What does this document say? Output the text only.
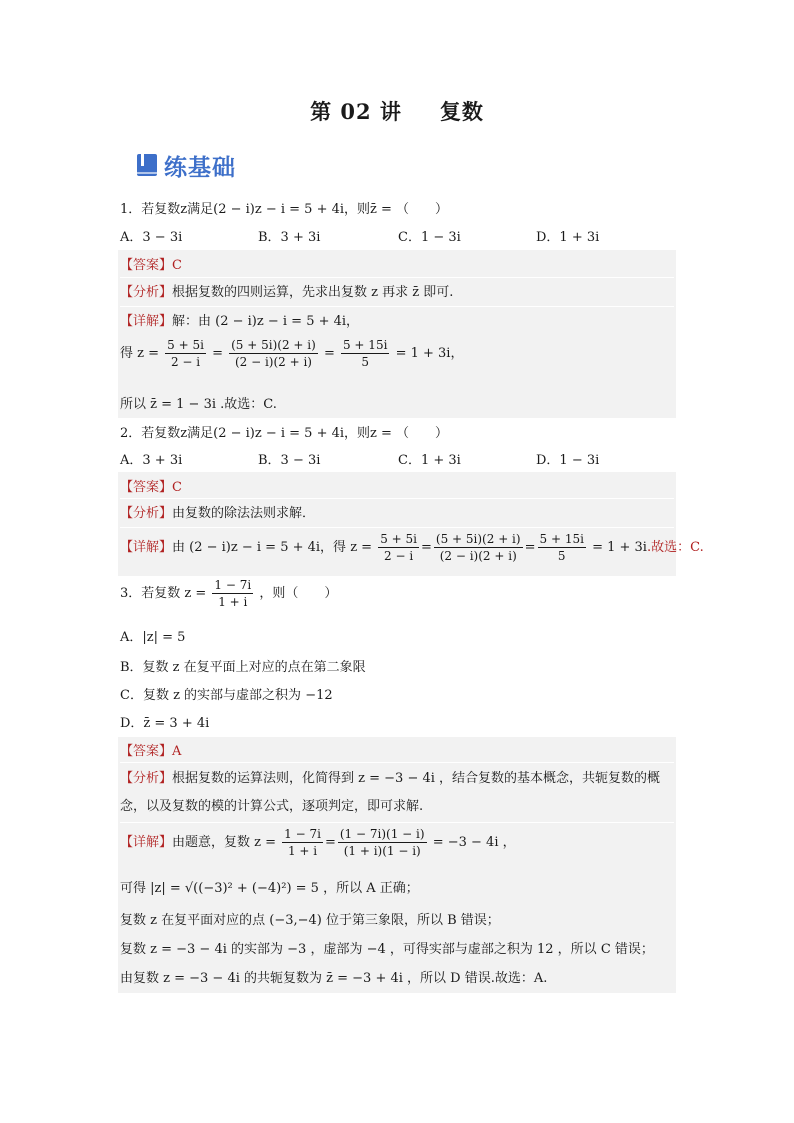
第 02 讲 复数
练基础
1．若复数z满足(2 − i)z − i = 5 + 4i，则z̄ = （　　）
A．3 − 3i	B．3 + 3i	C．1 − 3i	D．1 + 3i
【答案】C
【分析】根据复数的四则运算，先求出复数 z 再求 z̄ 即可.
【详解】解：由 (2 − i)z − i = 5 + 4i，
得 $z = \frac{5 + 5i}{2 - i} = \frac{(5 + 5i)(2 + i)}{(2 - i)(2 + i)} = \frac{5 + 15i}{5} = 1 + 3i$，
所以 z̄ = 1 − 3i .故选：C.
2．若复数z满足(2 − i)z − i = 5 + 4i，则z = （　　）
A．3 + 3i	B．3 − 3i	C．1 + 3i	D．1 − 3i
【答案】C
【分析】由复数的除法法则求解．
【详解】由 (2 − i)z − i = 5 + 4i，得 $z = \frac{5 + 5i}{2 - i} = \frac{(5 + 5i)(2 + i)}{(2 - i)(2 + i)} = \frac{5 + 15i}{5} = 1 + 3i$.故选：C.
3．若复数 $z = \frac{1 - 7i}{1 + i}$ ，则（　　）
A．|z| = 5
B．复数 z 在复平面上对应的点在第二象限
C．复数 z 的实部与虚部之积为 −12
D．z̄ = 3 + 4i
【答案】A
【分析】根据复数的运算法则，化简得到 z = −3 − 4i ，结合复数的基本概念，共轭复数的概
念，以及复数的模的计算公式，逐项判定，即可求解.
【详解】由题意，复数 $z = \frac{1 - 7i}{1 + i} = \frac{(1 - 7i)(1 - i)}{(1 + i)(1 - i)} = -3 - 4i$ ，
可得 |z| = √((−3)² + (−4)²) = 5 ，所以 A 正确；
复数 z 在复平面对应的点 (−3,−4) 位于第三象限，所以 B 错误；
复数 z = −3 − 4i 的实部为 −3 ，虚部为 −4 ，可得实部与虚部之积为 12 ，所以 C 错误；
由复数 z = −3 − 4i 的共轭复数为 z̄ = −3 + 4i ，所以 D 错误.故选：A.
